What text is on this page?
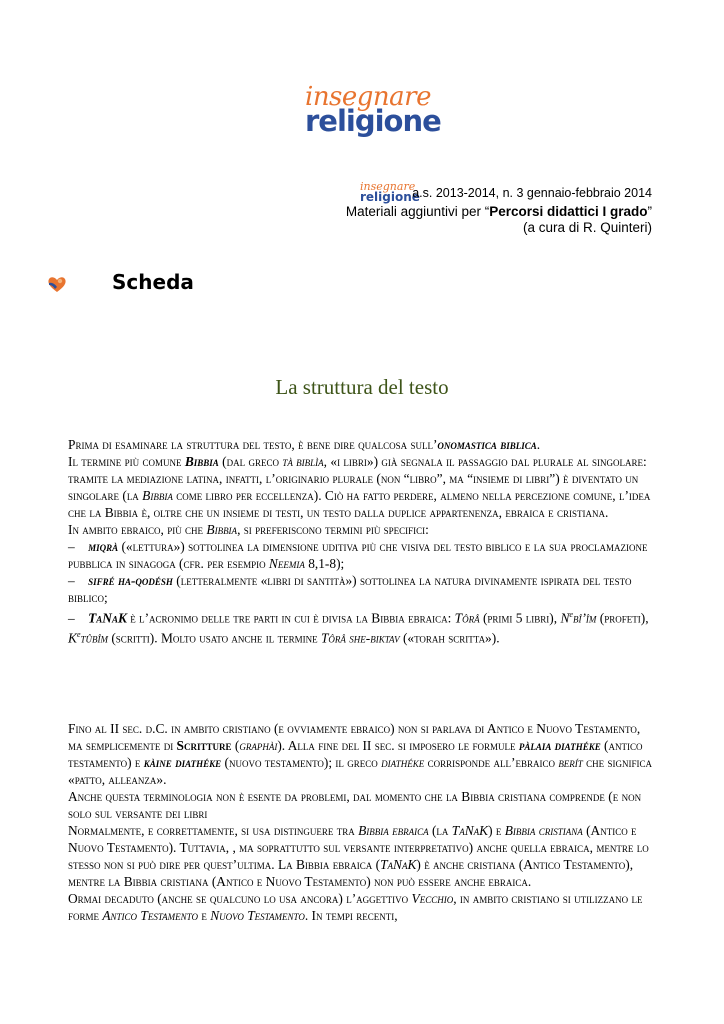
insegnare
religione
insegnare
religione
a.s. 2013-2014, n. 3 gennaio-febbraio 2014
Materiali aggiuntivi per “Percorsi didattici I grado”
(a cura di R. Quinteri)
Scheda
La struttura del testo

Prima di esaminare la struttura del testo, è bene dire qualcosa sull’onomastica biblica.

Il termine più comune Bibbia (dal greco tà biblìa, «i libri») già segnala il passaggio dal plurale al singolare: tramite la mediazione latina, infatti, l’originario plurale (non “libro”, ma “insieme di libri”) è diventato un singolare (la Bibbia come libro per eccellenza). Ciò ha fatto perdere, almeno nella percezione comune, l’idea che la Bibbia è, oltre che un insieme di testi, un testo dalla duplice appartenenza, ebraica e cristiana.

In ambito ebraico, più che Bibbia, si preferiscono termini più specifici:

– miqrà («lettura») sottolinea la dimensione uditiva più che visiva del testo biblico e la sua proclamazione pubblica in sinagoga (cfr. per esempio Neemia 8,1-8);

– sifré ha-qodésh (letteralmente «libri di santità») sottolinea la natura divinamente ispirata del testo biblico;

– TaNaK è l’acronimo delle tre parti in cui è divisa la Bibbia ebraica: Tôrâ (primi 5 libri), $N^ebî’îm$ (profeti), $K^etûbîm$ (scritti). Molto usato anche il termine Tôrâ she-biktav («torah scritta»).

Fino al II sec. d.C. in ambito cristiano (e ovviamente ebraico) non si parlava di Antico e Nuovo Testamento, ma semplicemente di Scritture (graphài). Alla fine del II sec. si imposero le formule pàlaia diathéke (antico testamento) e kàine diathéke (nuovo testamento); il greco diathéke corrisponde all’ebraico berít che significa «patto, alleanza».

Anche questa terminologia non è esente da problemi, dal momento che la Bibbia cristiana comprende (e non solo sul versante dei libri

Normalmente, e correttamente, si usa distinguere tra Bibbia ebraica (la TaNaK) e Bibbia cristiana (Antico e Nuovo Testamento). Tuttavia, , ma soprattutto sul versante interpretativo) anche quella ebraica, mentre lo stesso non si può dire per quest’ultima. La Bibbia ebraica (TaNaK) è anche cristiana (Antico Testamento), mentre la Bibbia cristiana (Antico e Nuovo Testamento) non può essere anche ebraica.

Ormai decaduto (anche se qualcuno lo usa ancora) l’aggettivo Vecchio, in ambito cristiano si utilizzano le forme Antico Testamento e Nuovo Testamento. In tempi recenti,
